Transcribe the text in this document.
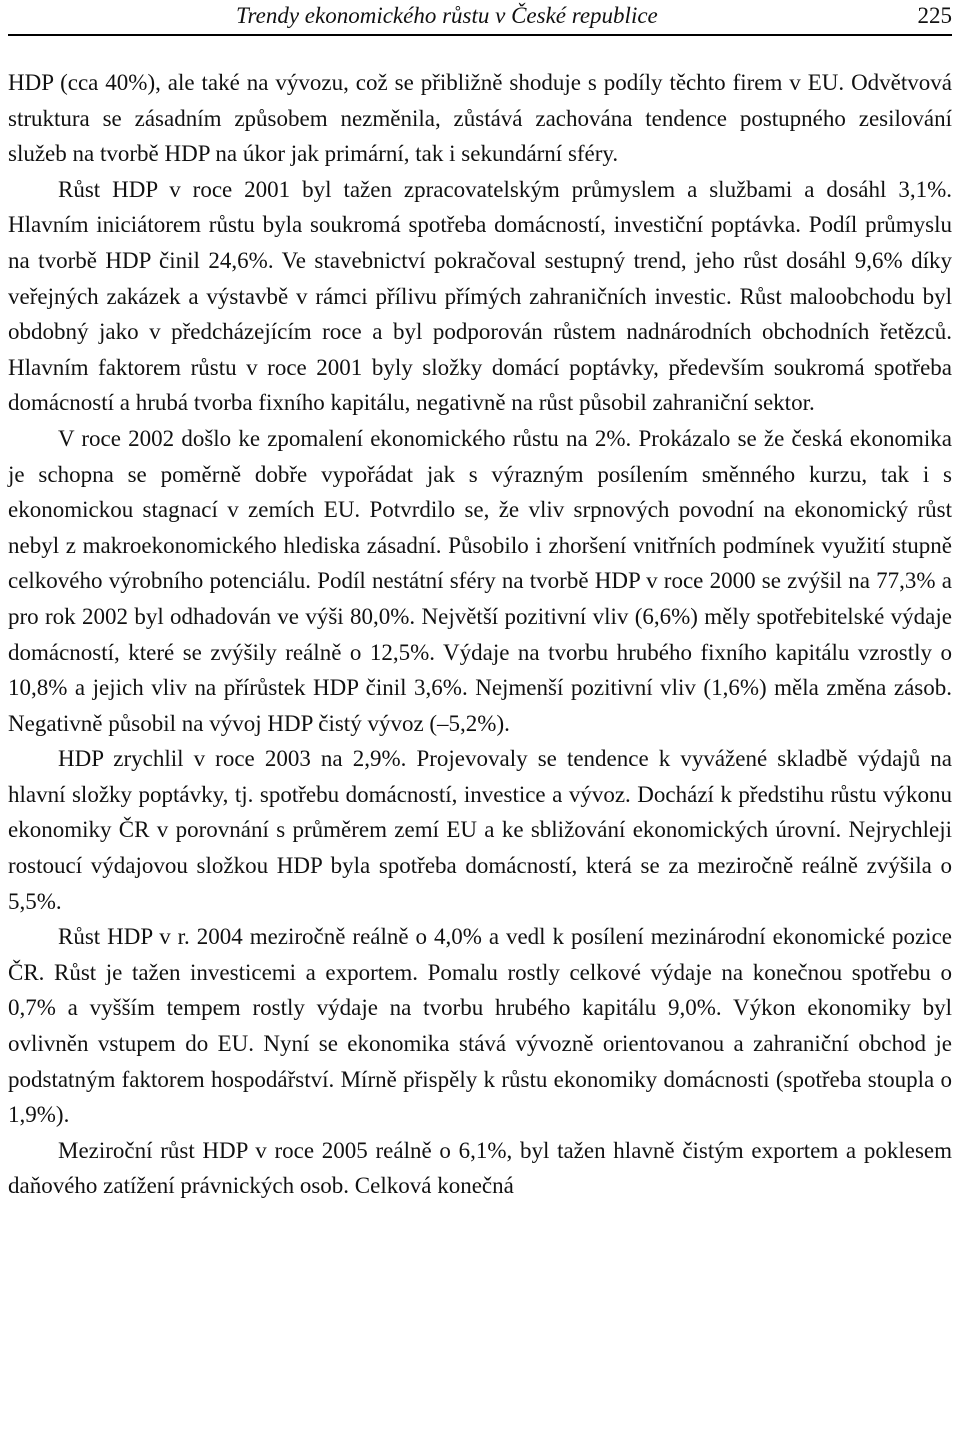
Trendy ekonomického růstu v České republice	225

HDP (cca 40%), ale také na vývozu, což se přibližně shoduje s podíly těchto firem v EU. Odvětvová struktura se zásadním způsobem nezměnila, zůstává zachována tendence postupného zesilování služeb na tvorbě HDP na úkor jak primární, tak i sekundární sféry.

Růst HDP v roce 2001 byl tažen zpracovatelským průmyslem a službami a dosáhl 3,1%. Hlavním iniciátorem růstu byla soukromá spotřeba domácností, investiční poptávka. Podíl průmyslu na tvorbě HDP činil 24,6%. Ve stavebnictví pokračoval sestupný trend, jeho růst dosáhl 9,6% díky veřejných zakázek a výstavbě v rámci přílivu přímých zahraničních investic. Růst maloobchodu byl obdobný jako v předcházejícím roce a byl podporován růstem nadnárodních obchodních řetězců. Hlavním faktorem růstu v roce 2001 byly složky domácí poptávky, především soukromá spotřeba domácností a hrubá tvorba fixního kapitálu, negativně na růst působil zahraniční sektor.

V roce 2002 došlo ke zpomalení ekonomického růstu na 2%. Prokázalo se že česká ekonomika je schopna se poměrně dobře vypořádat jak s výrazným posílením směnného kurzu, tak i s ekonomickou stagnací v zemích EU. Potvrdilo se, že vliv srpnových povodní na ekonomický růst nebyl z makroekonomického hlediska zásadní. Působilo i zhoršení vnitřních podmínek využití stupně celkového výrobního potenciálu. Podíl nestátní sféry na tvorbě HDP v roce 2000 se zvýšil na 77,3% a pro rok 2002 byl odhadován ve výši 80,0%. Největší pozitivní vliv (6,6%) měly spotřebitelské výdaje domácností, které se zvýšily reálně o 12,5%. Výdaje na tvorbu hrubého fixního kapitálu vzrostly o 10,8% a jejich vliv na přírůstek HDP činil 3,6%. Nejmenší pozitivní vliv (1,6%) měla změna zásob. Negativně působil na vývoj HDP čistý vývoz (–5,2%).

HDP zrychlil v roce 2003 na 2,9%. Projevovaly se tendence k vyvážené skladbě výdajů na hlavní složky poptávky, tj. spotřebu domácností, investice a vývoz. Dochází k předstihu růstu výkonu ekonomiky ČR v porovnání s průměrem zemí EU a ke sbližování ekonomických úrovní. Nejrychleji rostoucí výdajovou složkou HDP byla spotřeba domácností, která se za meziročně reálně zvýšila o 5,5%.

Růst HDP v r. 2004 meziročně reálně o 4,0% a vedl k posílení mezinárodní ekonomické pozice ČR. Růst je tažen investicemi a exportem. Pomalu rostly celkové výdaje na konečnou spotřebu o 0,7% a vyšším tempem rostly výdaje na tvorbu hrubého kapitálu 9,0%. Výkon ekonomiky byl ovlivněn vstupem do EU. Nyní se ekonomika stává vývozně orientovanou a zahraniční obchod je podstatným faktorem hospodářství. Mírně přispěly k růstu ekonomiky domácnosti (spotřeba stoupla o 1,9%).

Meziroční růst HDP v roce 2005 reálně o 6,1%, byl tažen hlavně čistým exportem a poklesem daňového zatížení právnických osob. Celková konečná
